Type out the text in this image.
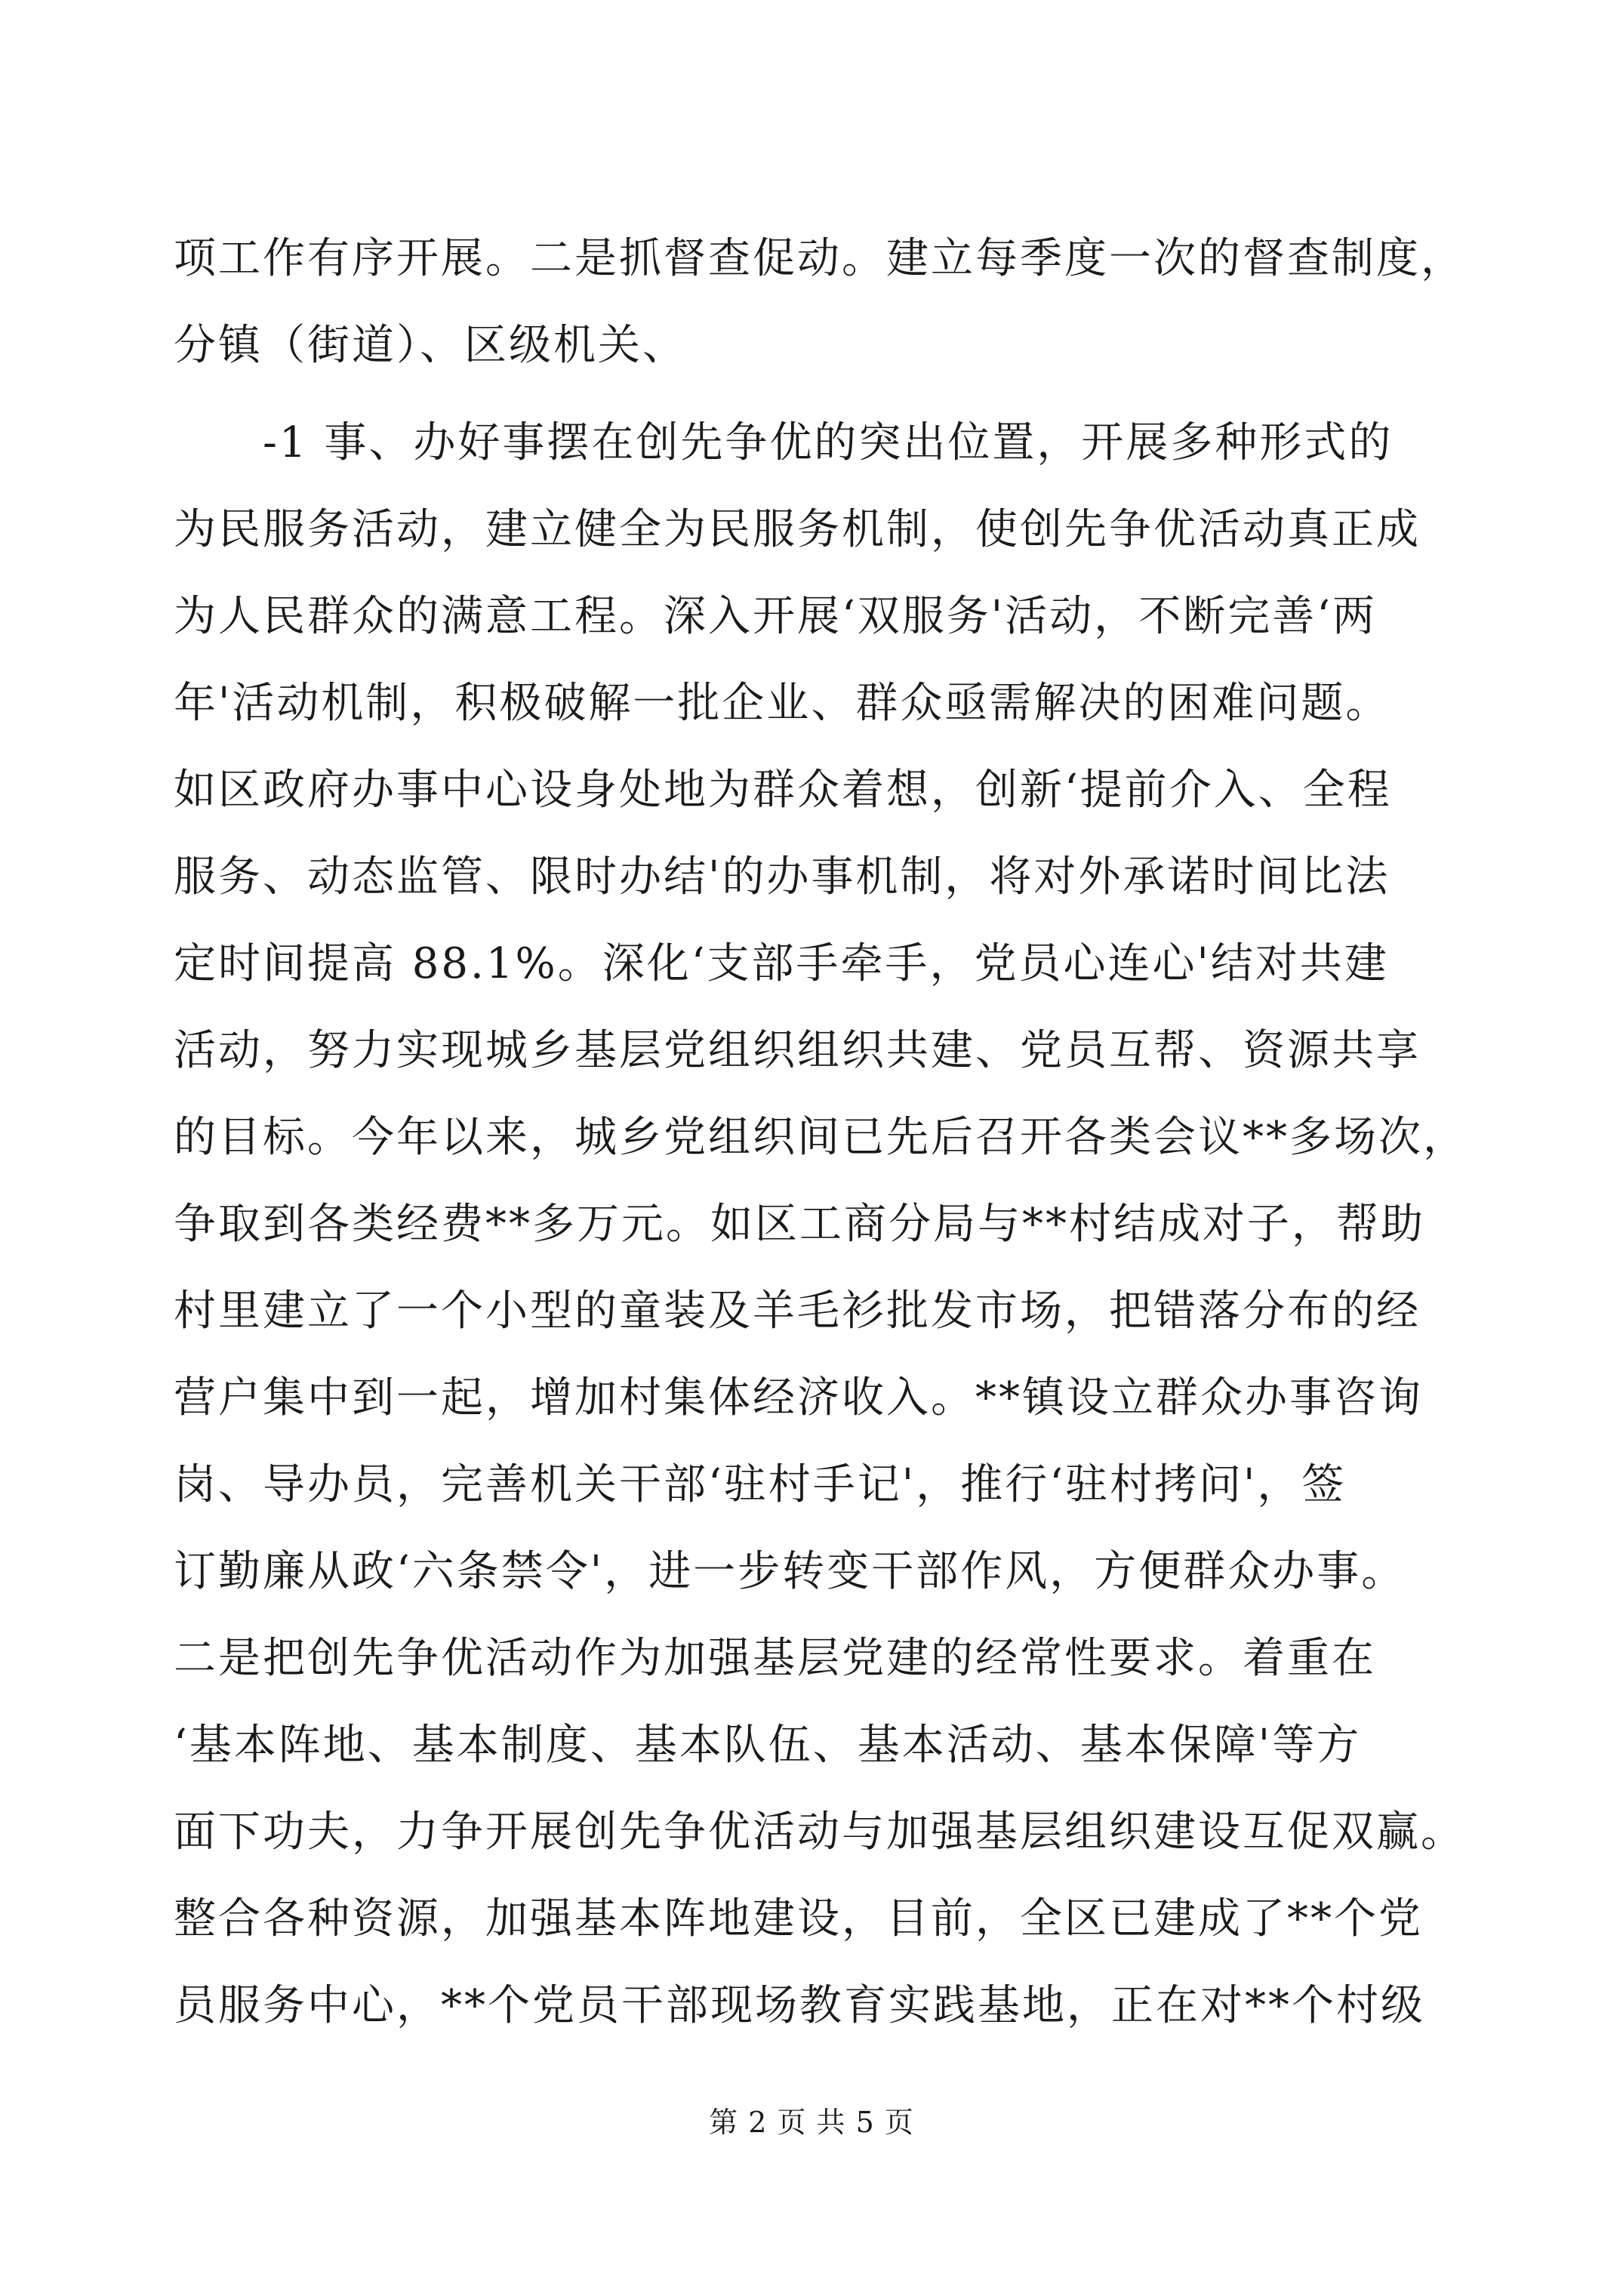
项工作有序开展。二是抓督查促动。建立每季度一次的督查制度，
分镇（街道）、区级机关、
　　-1 事、办好事摆在创先争优的突出位置，开展多种形式的
为民服务活动，建立健全为民服务机制，使创先争优活动真正成
为人民群众的满意工程。深入开展‘双服务'活动，不断完善‘两
年'活动机制，积极破解一批企业、群众亟需解决的困难问题。
如区政府办事中心设身处地为群众着想，创新‘提前介入、全程
服务、动态监管、限时办结'的办事机制，将对外承诺时间比法
定时间提高 88.1%。深化‘支部手牵手，党员心连心'结对共建
活动，努力实现城乡基层党组织组织共建、党员互帮、资源共享
的目标。今年以来，城乡党组织间已先后召开各类会议**多场次，
争取到各类经费**多万元。如区工商分局与**村结成对子，帮助
村里建立了一个小型的童装及羊毛衫批发市场，把错落分布的经
营户集中到一起，增加村集体经济收入。**镇设立群众办事咨询
岗、导办员，完善机关干部‘驻村手记'，推行‘驻村拷问'，签
订勤廉从政‘六条禁令'，进一步转变干部作风，方便群众办事。
二是把创先争优活动作为加强基层党建的经常性要求。着重在
‘基本阵地、基本制度、基本队伍、基本活动、基本保障'等方
面下功夫，力争开展创先争优活动与加强基层组织建设互促双赢。
整合各种资源，加强基本阵地建设，目前，全区已建成了**个党
员服务中心，**个党员干部现场教育实践基地，正在对**个村级
第 2 页 共 5 页
